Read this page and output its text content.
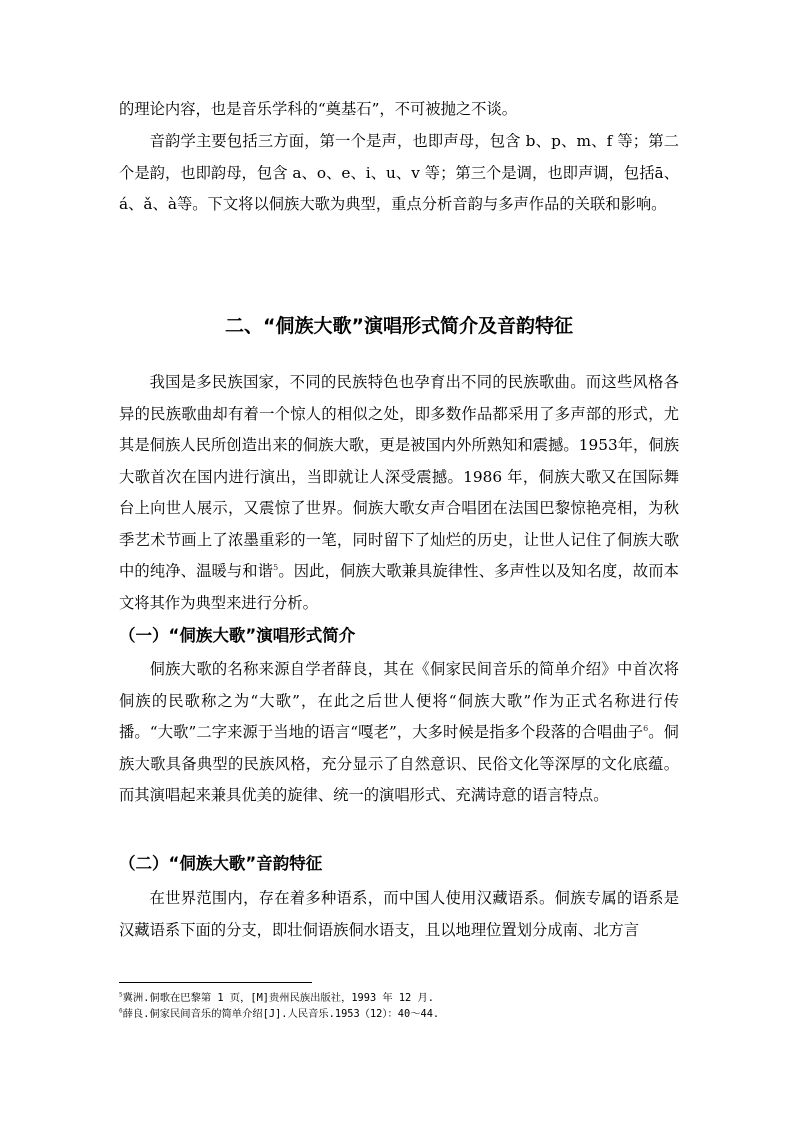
的理论内容，也是音乐学科的“奠基石”，不可被抛之不谈。

音韵学主要包括三方面，第一个是声，也即声母，包含 b、p、m、f 等；第二个是韵，也即韵母，包含 a、o、e、i、u、v 等；第三个是调，也即声调，包括ā、á、ǎ、à等。下文将以侗族大歌为典型，重点分析音韵与多声作品的关联和影响。

二、“侗族大歌”演唱形式简介及音韵特征

我国是多民族国家，不同的民族特色也孕育出不同的民族歌曲。而这些风格各异的民族歌曲却有着一个惊人的相似之处，即多数作品都采用了多声部的形式，尤其是侗族人民所创造出来的侗族大歌，更是被国内外所熟知和震撼。1953年，侗族大歌首次在国内进行演出，当即就让人深受震撼。1986 年，侗族大歌又在国际舞台上向世人展示，又震惊了世界。侗族大歌女声合唱团在法国巴黎惊艳亮相，为秋季艺术节画上了浓墨重彩的一笔，同时留下了灿烂的历史，让世人记住了侗族大歌中的纯净、温暖与和谐$^5$。因此，侗族大歌兼具旋律性、多声性以及知名度，故而本文将其作为典型来进行分析。

（一）“侗族大歌”演唱形式简介

侗族大歌的名称来源自学者薛良，其在《侗家民间音乐的简单介绍》中首次将侗族的民歌称之为“大歌”，在此之后世人便将“侗族大歌”作为正式名称进行传播。“大歌”二字来源于当地的语言“嘎老”，大多时候是指多个段落的合唱曲子$^6$。侗族大歌具备典型的民族风格，充分显示了自然意识、民俗文化等深厚的文化底蕴。而其演唱起来兼具优美的旋律、统一的演唱形式、充满诗意的语言特点。

（二）“侗族大歌”音韵特征

在世界范围内，存在着多种语系，而中国人使用汉藏语系。侗族专属的语系是汉藏语系下面的分支，即壮侗语族侗水语支，且以地理位置划分成南、北方言

$^5$冀洲.侗歌在巴黎第 1 页，[M]贵州民族出版社，1993 年 12 月.

$^6$薛良.侗家民间音乐的简单介绍[J].人民音乐.1953（12）：40～44.
